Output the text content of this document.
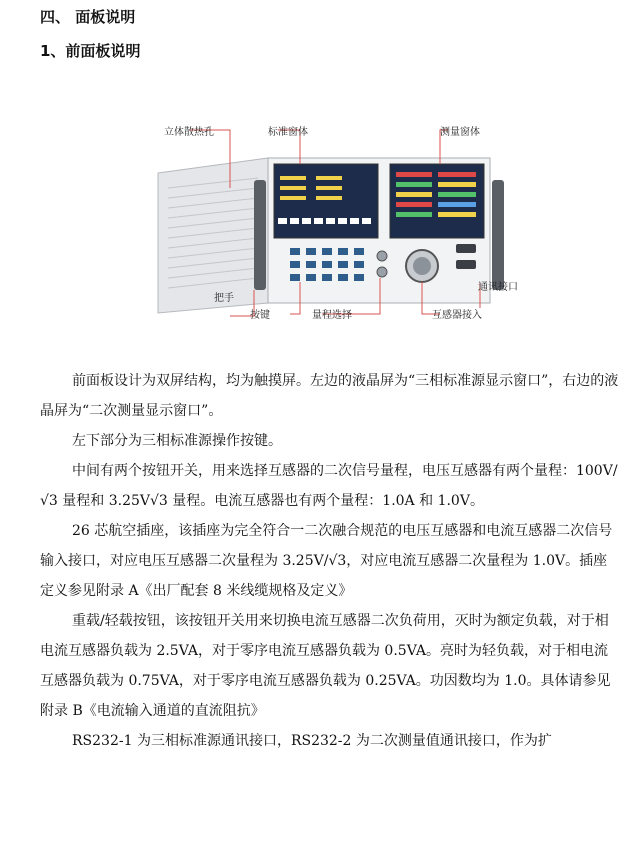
四、 面板说明
1、前面板说明
立体散热孔	标准窗体	测量窗体
通讯接口
把手
按键	量程选择	互感器接入

前面板设计为双屏结构，均为触摸屏。左边的液晶屏为“三相标准源显示窗口”，右边的液晶屏为“二次测量显示窗口”。

左下部分为三相标准源操作按键。

中间有两个按钮开关，用来选择互感器的二次信号量程，电压互感器有两个量程：100V/√3 量程和 3.25V√3 量程。电流互感器也有两个量程：1.0A 和 1.0V。

26 芯航空插座，该插座为完全符合一二次融合规范的电压互感器和电流互感器二次信号输入接口，对应电压互感器二次量程为 3.25V/√3，对应电流互感器二次量程为 1.0V。插座定义参见附录 A《出厂配套 8 米线缆规格及定义》

重载/轻载按钮，该按钮开关用来切换电流互感器二次负荷用，灭时为额定负载，对于相电流互感器负载为 2.5VA，对于零序电流互感器负载为 0.5VA。亮时为轻负载，对于相电流互感器负载为 0.75VA，对于零序电流互感器负载为 0.25VA。功因数均为 1.0。具体请参见附录 B《电流输入通道的直流阻抗》

RS232-1 为三相标准源通讯接口，RS232-2 为二次测量值通讯接口，作为扩
